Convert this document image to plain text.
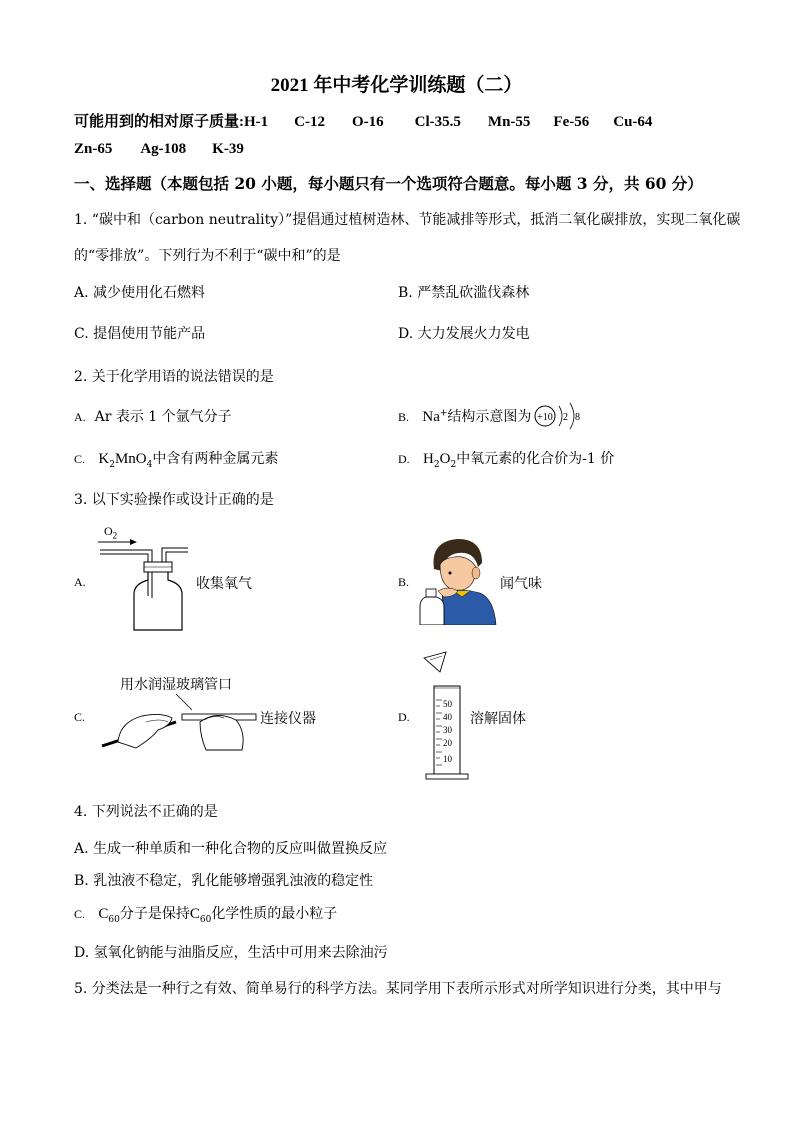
2021 年中考化学训练题（二）
可能用到的相对原子质量:H-1 C-12 O-16 Cl-35.5 Mn-55 Fe-56 Cu-64
Zn-65 Ag-108 K-39
一、选择题（本题包括 20 小题，每小题只有一个选项符合题意。每小题 3 分，共 60 分）
1. “碳中和（carbon neutrality）”提倡通过植树造林、节能减排等形式，抵消二氧化碳排放，实现二氧化碳
的“零排放”。下列行为不利于“碳中和”的是
A. 减少使用化石燃料	B. 严禁乱砍滥伐森林
C. 提倡使用节能产品	D. 大力发展火力发电
2. 关于化学用语的说法错误的是
A. Ar 表示 1 个氩气分子	B. Na+结构示意图为 +10 2 8
C. $K_2MnO_4$中含有两种金属元素	D. $H_2O_2$中氧元素的化合价为-1 价
3. 以下实验操作或设计正确的是
A.
$O_2$
收集氧气	B.	闻气味
C.
用水润湿玻璃管口
连接仪器	D.
50
40
30
20
10
溶解固体
4. 下列说法不正确的是
A. 生成一种单质和一种化合物的反应叫做置换反应
B. 乳浊液不稳定，乳化能够增强乳浊液的稳定性
C. $C_{60}$分子是保持$C_{60}$化学性质的最小粒子
D. 氢氧化钠能与油脂反应，生活中可用来去除油污
5. 分类法是一种行之有效、简单易行的科学方法。某同学用下表所示形式对所学知识进行分类，其中甲与
